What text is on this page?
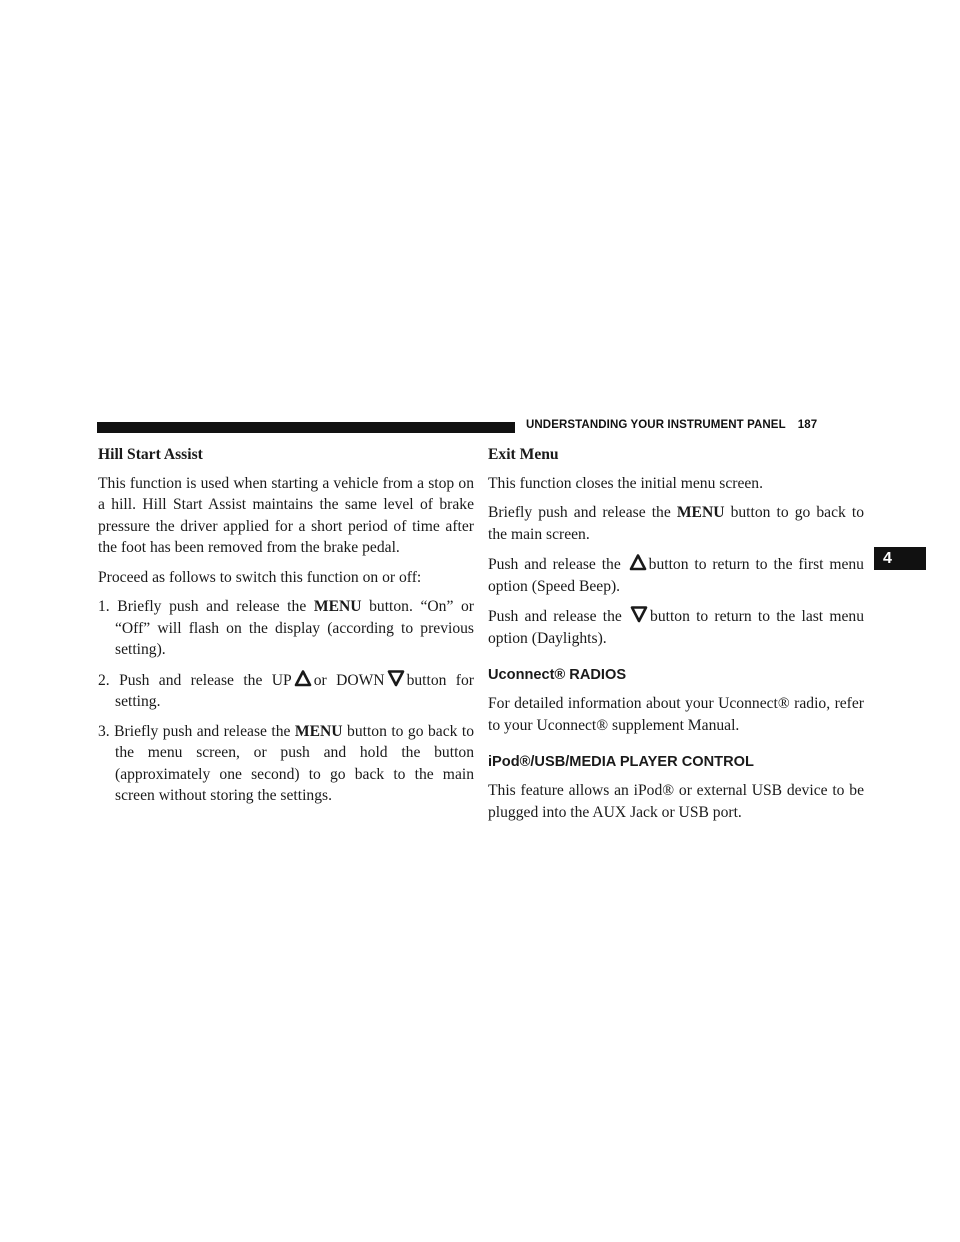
UNDERSTANDING YOUR INSTRUMENT PANEL 187
4
Hill Start Assist

This function is used when starting a vehicle from a stop on a hill. Hill Start Assist maintains the same level of brake pressure the driver applied for a short period of time after the foot has been removed from the brake pedal.

Proceed as follows to switch this function on or off:

1. Briefly push and release the MENU button. “On” or “Off” will flash on the display (according to previous setting).
2. Push and release the UP or DOWN button for setting.
3. Briefly push and release the MENU button to go back to the menu screen, or push and hold the button (approximately one second) to go back to the main screen without storing the settings.
Exit Menu

This function closes the initial menu screen.

Briefly push and release the MENU button to go back to the main screen.

Push and release the
button to return to the first menu option (Speed Beep).

Push and release the
button to return to the last menu option (Daylights).

Uconnect® RADIOS

For detailed information about your Uconnect® radio, refer to your Uconnect® supplement Manual.

iPod®/USB/MEDIA PLAYER CONTROL

This feature allows an iPod® or external USB device to be plugged into the AUX Jack or USB port.
